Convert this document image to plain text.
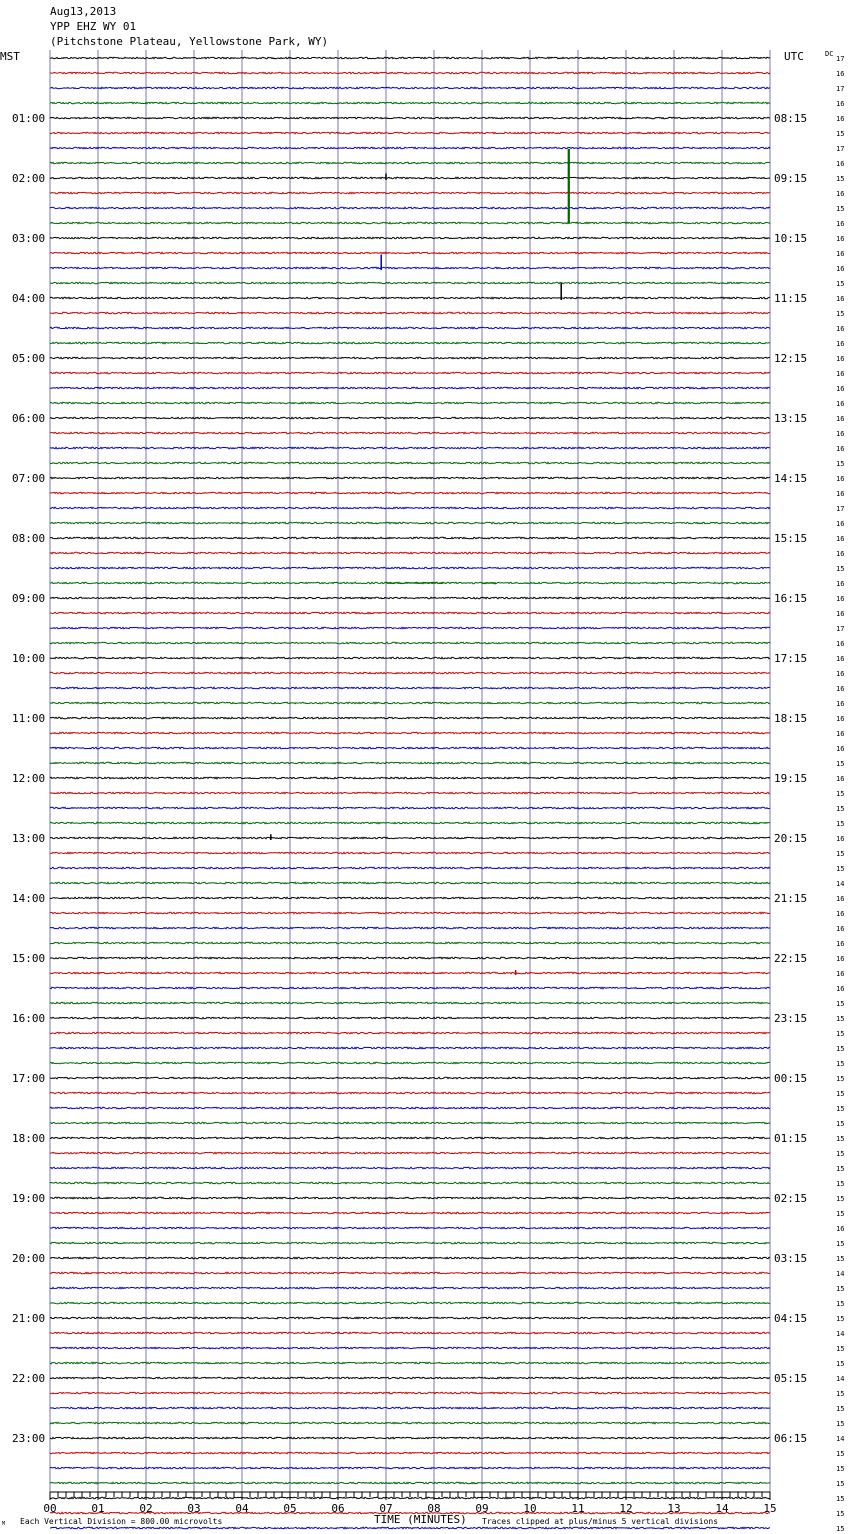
Aug13,2013
YPP EHZ WY 01
(Pitchstone Plateau, Yellowstone Park, WY)
MST	UTC	DC
01:00
02:00
03:00
04:00
05:00
06:00
07:00
08:00
09:00
10:00
11:00
12:00
13:00
14:00
15:00
16:00
17:00
18:00
19:00
20:00
21:00
22:00
23:00
08:15
09:15
10:15
11:15
12:15
13:15
14:15
15:15
16:15
17:15
18:15
19:15
20:15
21:15
22:15
23:15
00:15
01:15
02:15
03:15
04:15
05:15
06:15
17
16
17
16
16
15
17
16
15
16
15
16
16
16
16
15
16
15
16
16
16
16
16
16
16
16
16
15
16
16
17
16
16
16
15
16
16
16
17
16
16
16
16
16
16
16
16
15
16
15
15
15
16
15
15
14
16
16
16
16
16
16
16
15
15
15
15
15
15
15
15
15
15
15
15
15
15
15
16
15
15
14
15
15
15
14
15
15
14
15
15
15
14
15
15
15
15
15
15
00	01	02	03	04	05	06	07	08	09	10	11	12	13	14	15
M Each Vertical Division = 800.00 microvolts	TIME (MINUTES) Traces clipped at plus/minus 5 vertical divisions
